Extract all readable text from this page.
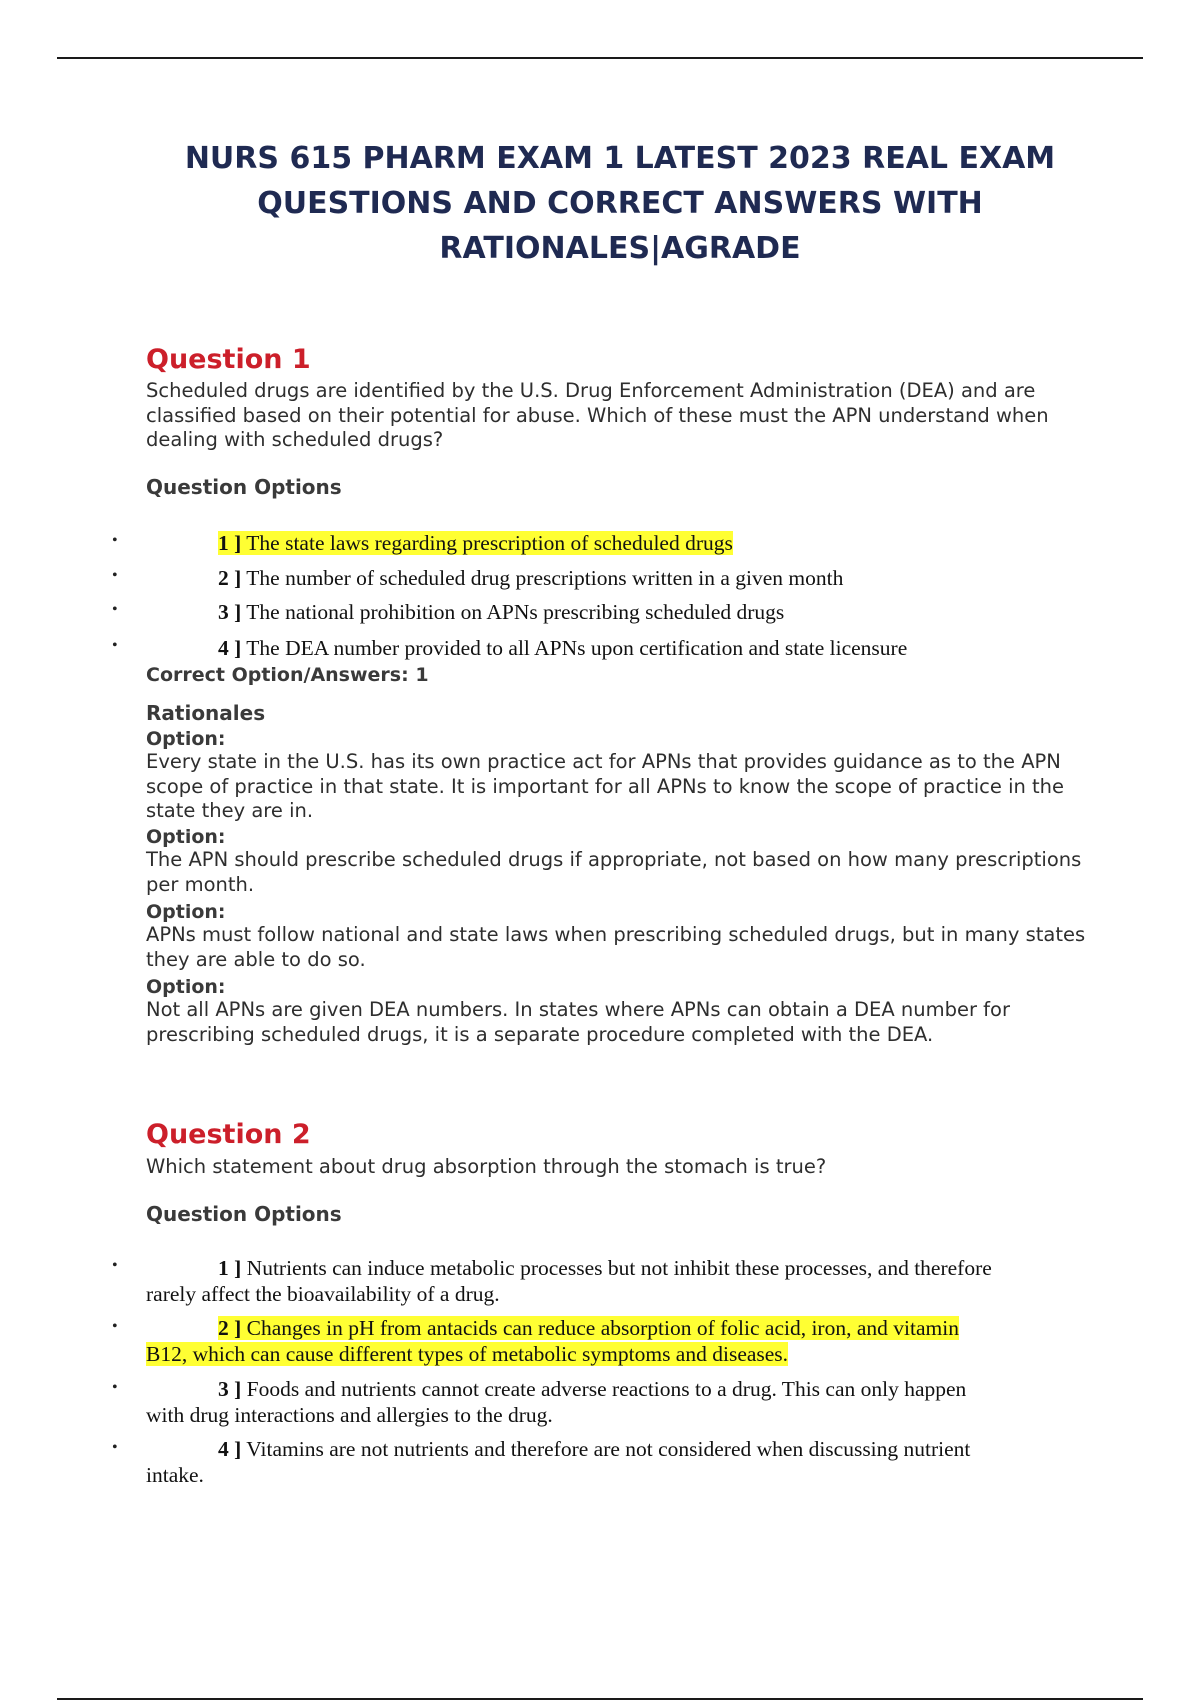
NURS 615 PHARM EXAM 1 LATEST 2023 REAL EXAM
QUESTIONS AND CORRECT ANSWERS WITH
RATIONALES|AGRADE
Question 1

Scheduled drugs are identified by the U.S. Drug Enforcement Administration (DEA) and are classified based on their potential for abuse. Which of these must the APN understand when dealing with scheduled drugs?

Question Options
•	1 ] The state laws regarding prescription of scheduled drugs

•	2 ] The number of scheduled drug prescriptions written in a given month

•	3 ] The national prohibition on APNs prescribing scheduled drugs

•	4 ] The DEA number provided to all APNs upon certification and state licensure

Correct Option/Answers: 1

Rationales

Option:

Every state in the U.S. has its own practice act for APNs that provides guidance as to the APN scope of practice in that state. It is important for all APNs to know the scope of practice in the state they are in.

Option:

The APN should prescribe scheduled drugs if appropriate, not based on how many prescriptions per month.

Option:

APNs must follow national and state laws when prescribing scheduled drugs, but in many states they are able to do so.

Option:

Not all APNs are given DEA numbers. In states where APNs can obtain a DEA number for prescribing scheduled drugs, it is a separate procedure completed with the DEA.

Question 2

Which statement about drug absorption through the stomach is true?

Question Options
•	1 ] Nutrients can induce metabolic processes but not inhibit these processes, and therefore
rarely affect the bioavailability of a drug.

•	2 ] Changes in pH from antacids can reduce absorption of folic acid, iron, and vitamin
B12, which can cause different types of metabolic symptoms and diseases.

•	3 ] Foods and nutrients cannot create adverse reactions to a drug. This can only happen
with drug interactions and allergies to the drug.

•	4 ] Vitamins are not nutrients and therefore are not considered when discussing nutrient
intake.
